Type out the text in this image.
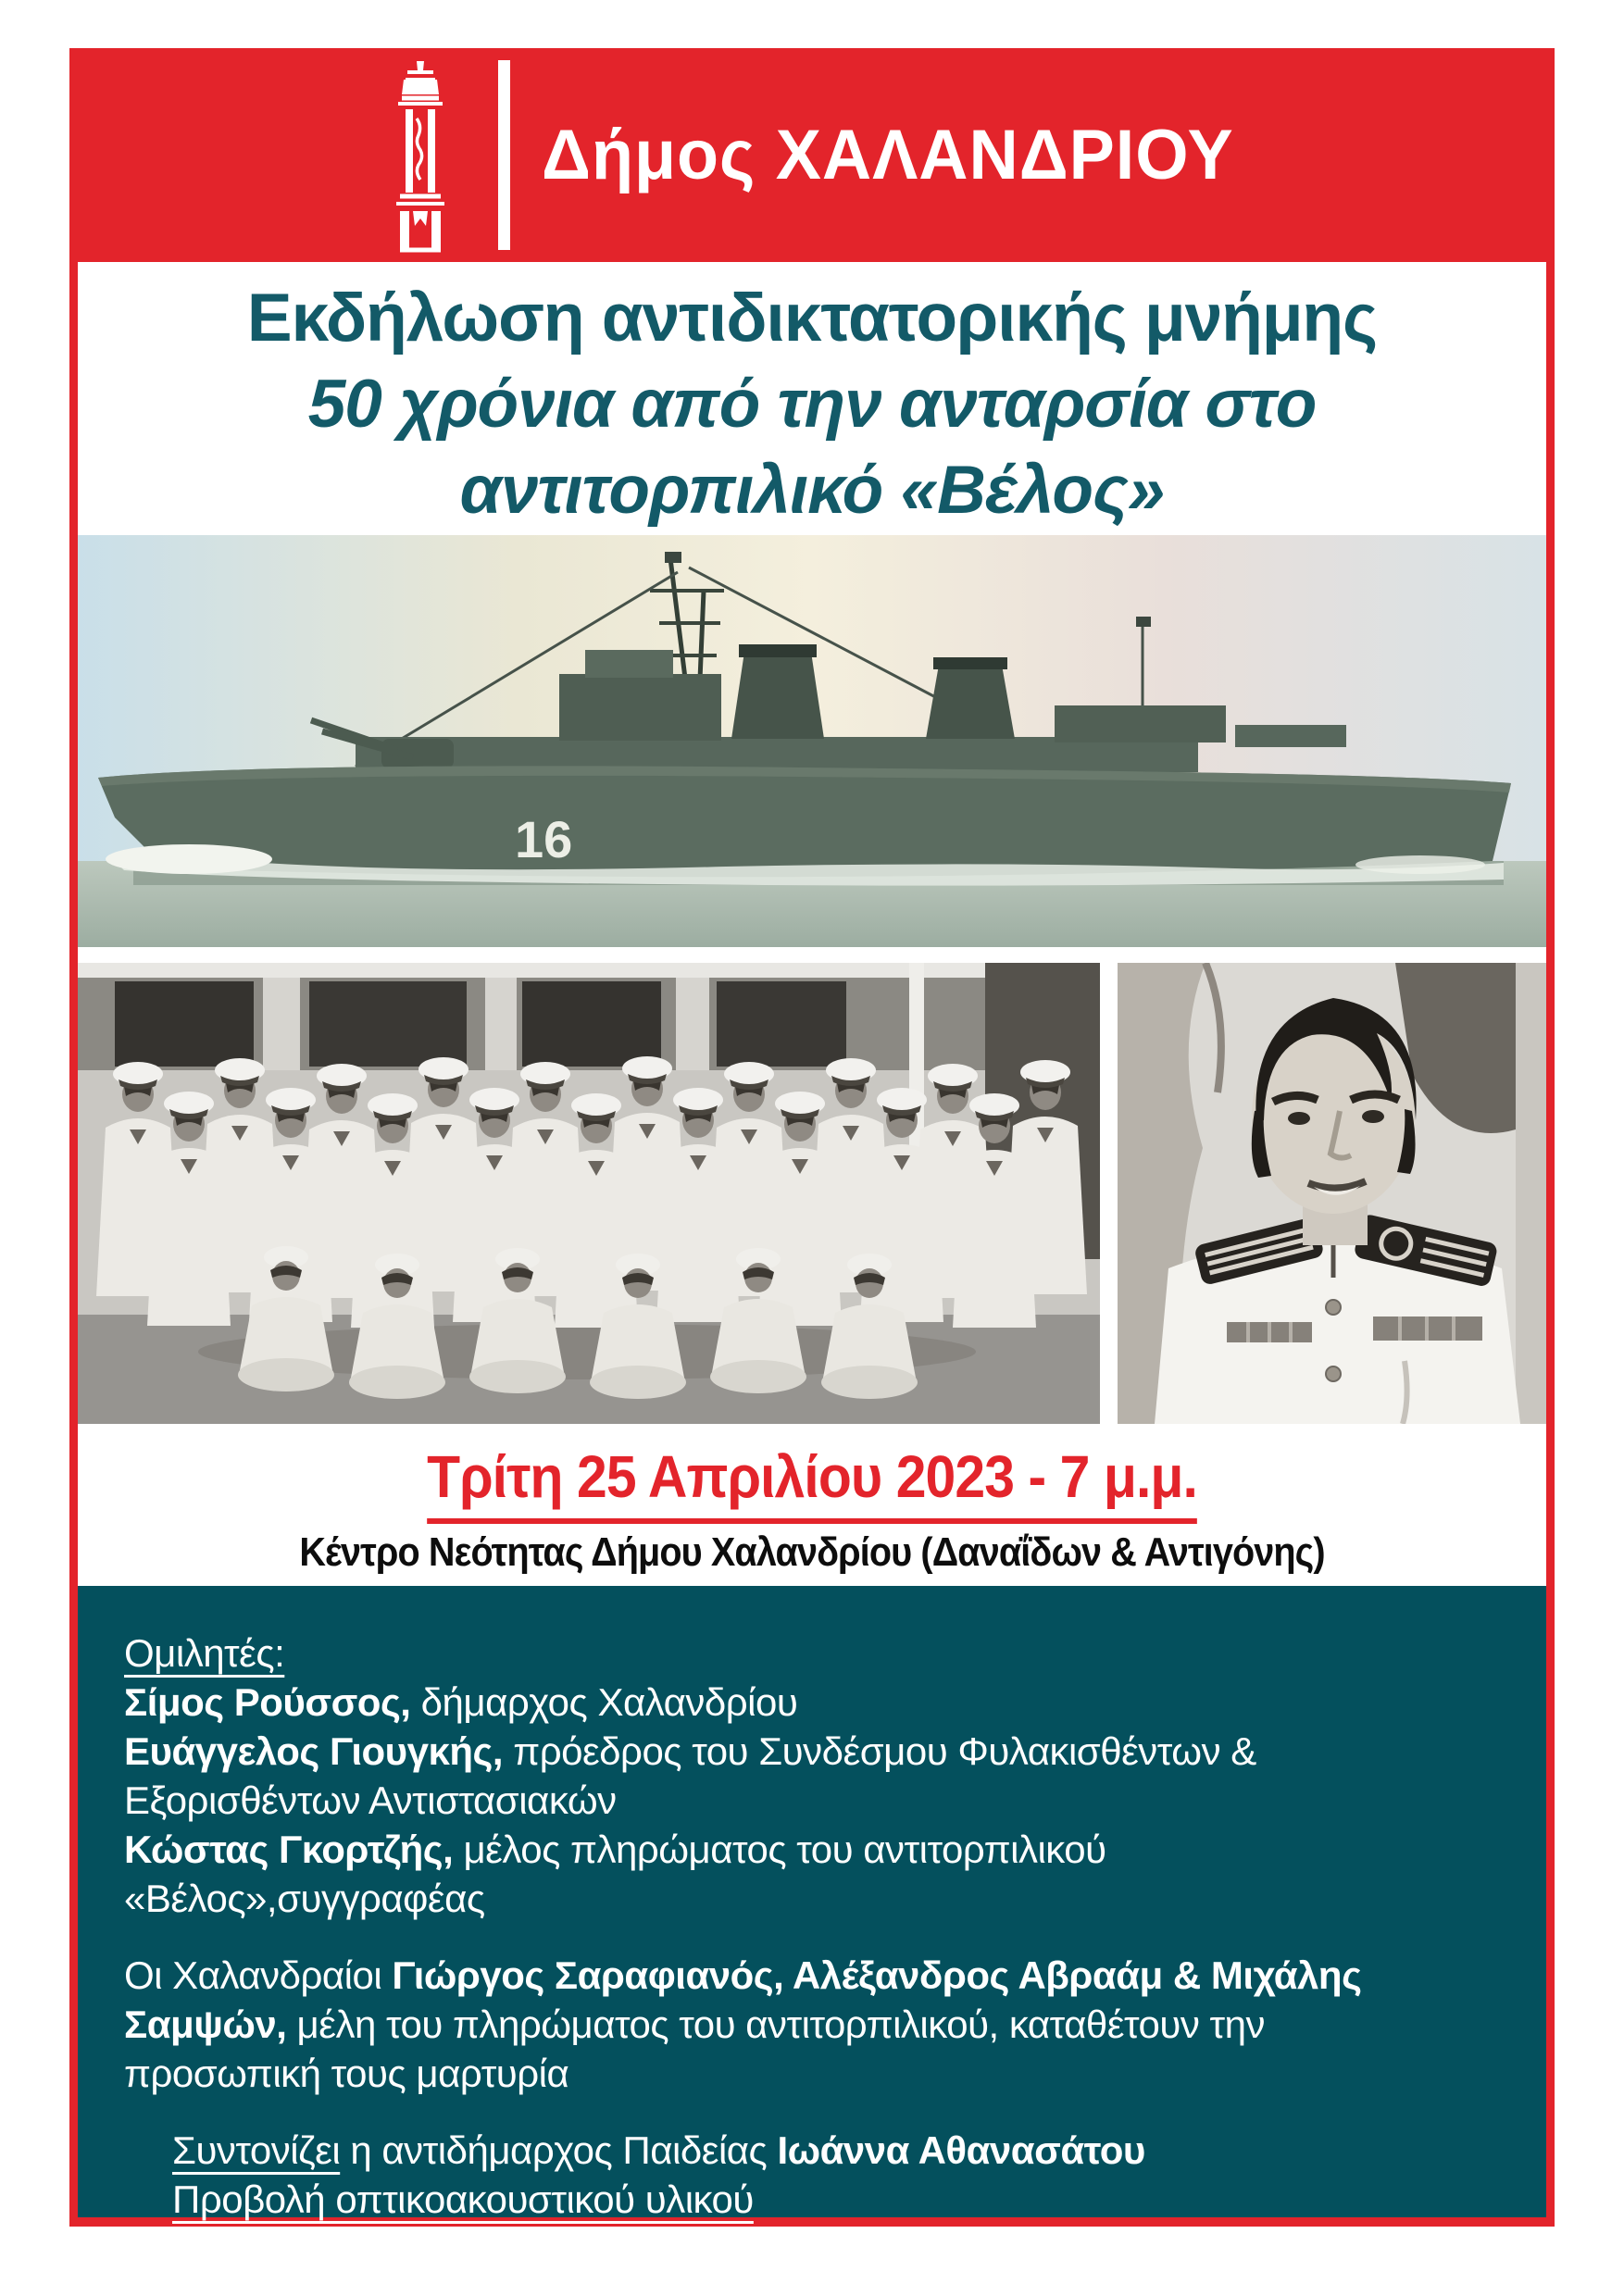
Δήμος ΧΑΛΑΝΔΡΙΟΥ
Εκδήλωση αντιδικτατορικής μνήμης
50 χρόνια από την ανταρσία στο
αντιτορπιλικό «Βέλος»
16
Τρίτη 25 Απριλίου 2023 - 7 μ.μ.
Κέντρο Νεότητας Δήμου Χαλανδρίου (Δαναΐδων & Αντιγόνης)
Ομιλητές:
Σίμος Ρούσσος, δήμαρχος Χαλανδρίου
Ευάγγελος Γιουγκής, πρόεδρος του Συνδέσμου Φυλακισθέντων &
Εξορισθέντων Αντιστασιακών
Κώστας Γκορτζής, μέλος πληρώματος του αντιτορπιλικού
«Βέλος»,συγγραφέας
Οι Χαλανδραίοι Γιώργος Σαραφιανός, Αλέξανδρος Αβραάμ & Μιχάλης
Σαμψών, μέλη του πληρώματος του αντιτορπιλικού, καταθέτουν την
προσωπική τους μαρτυρία
Συντονίζει η αντιδήμαρχος Παιδείας Ιωάννα Αθανασάτου
Προβολή οπτικοακουστικού υλικού
